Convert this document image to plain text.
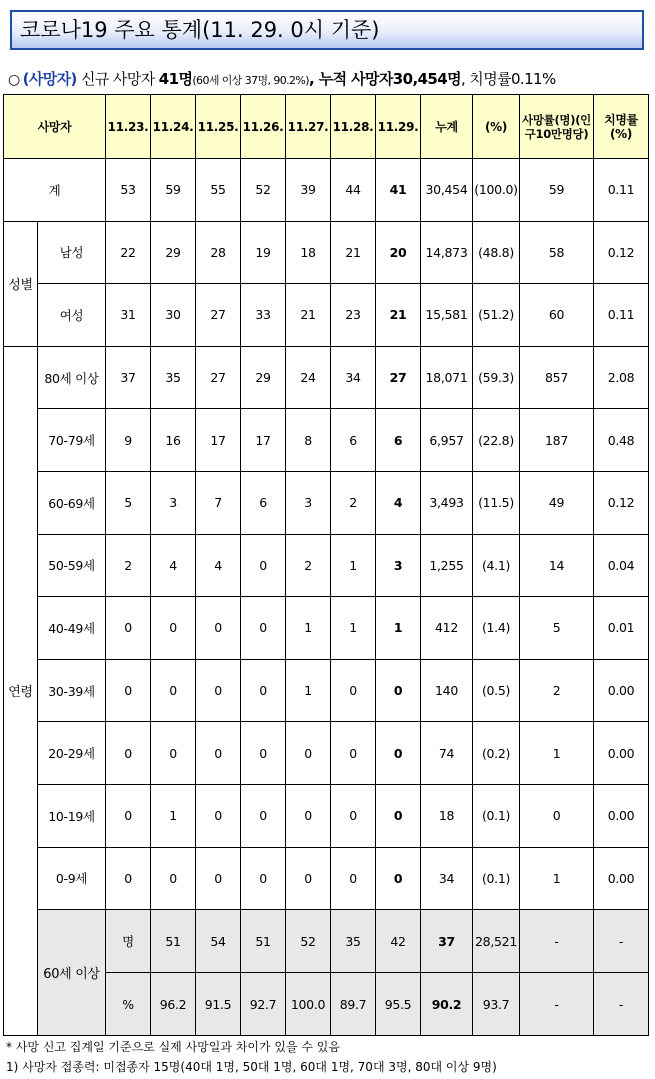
코로나19 주요 통계(11. 29. 0시 기준)
○ (사망자) 신규 사망자 41명(60세 이상 37명, 90.2%), 누적 사망자30,454명, 치명률0.11%
사망자		11.23.	11.24.	11.25.	11.26.	11.27.	11.28.	11.29.	누계	(%)	사망률(명)(인구10만명당)	치명률(%)	
계		53	59	55	52	39	44	41	30,454	(100.0)	59	0.11	
성별	남성	22	29	28	19	18	21	20	14,873	(48.8)	58	0.12	
	여성	31	30	27	33	21	23	21	15,581	(51.2)	60	0.11	
연령	80세 이상	37	35	27	29	24	34	27	18,071	(59.3)	857	2.08	
	70-79세	9	16	17	17	8	6	6	6,957	(22.8)	187	0.48	
	60-69세	5	3	7	6	3	2	4	3,493	(11.5)	49	0.12	
	50-59세	2	4	4	0	2	1	3	1,255	(4.1)	14	0.04	
	40-49세	0	0	0	0	1	1	1	412	(1.4)	5	0.01	
	30-39세	0	0	0	0	1	0	0	140	(0.5)	2	0.00	
	20-29세	0	0	0	0	0	0	0	74	(0.2)	1	0.00	
	10-19세	0	1	0	0	0	0	0	18	(0.1)	0	0.00	
	0-9세	0	0	0	0	0	0	0	34	(0.1)	1	0.00	
	60세 이상	명	51	54	51	52	35	42	37	28,521	-	-	
		%	96.2	91.5	92.7	100.0	89.7	95.5	90.2	93.7	-	-	
* 사망 신고 집계일 기준으로 실제 사망일과 차이가 있을 수 있음
1) 사망자 접종력: 미접종자 15명(40대 1명, 50대 1명, 60대 1명, 70대 3명, 80대 이상 9명)
